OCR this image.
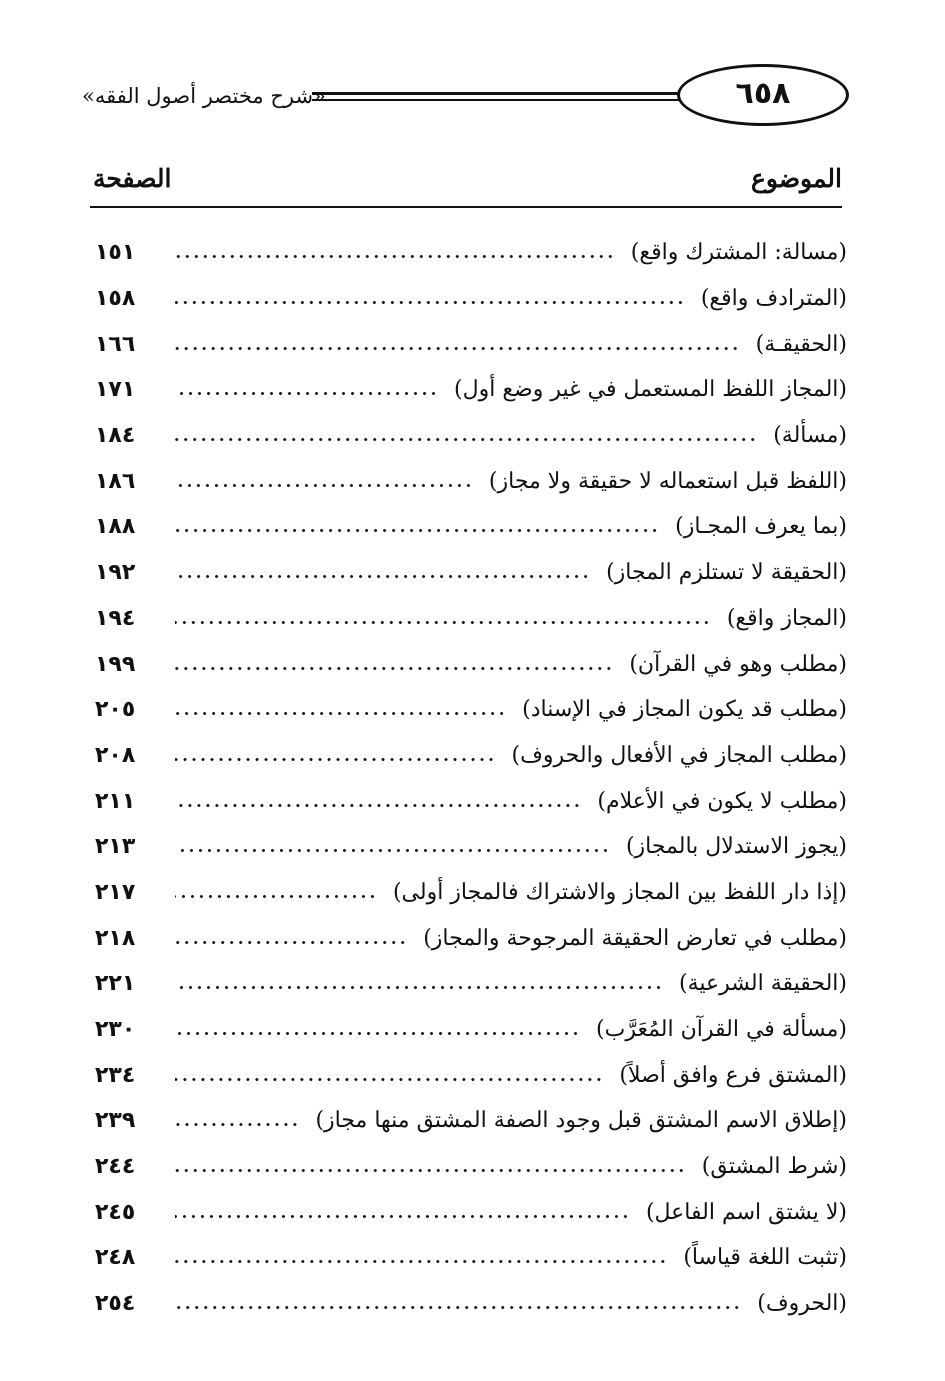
«شرح مختصر أصول الفقه»	٦٥٨
الموضوع
الصفحة
(مسالة: المشترك واقع)
١٥١
(المترادف واقع)
١٥٨
(الحقيقـة)
١٦٦
(المجاز اللفظ المستعمل في غير وضع أول)
١٧١
(مسألة)
١٨٤
(اللفظ قبل استعماله لا حقيقة ولا مجاز)
١٨٦
(بما يعرف المجـاز)
١٨٨
(الحقيقة لا تستلزم المجاز)
١٩٢
(المجاز واقع)
١٩٤
(مطلب وهو في القرآن)
١٩٩
(مطلب قد يكون المجاز في الإسناد)
٢٠٥
(مطلب المجاز في الأفعال والحروف)
٢٠٨
(مطلب لا يكون في الأعلام)
٢١١
(يجوز الاستدلال بالمجاز)
٢١٣
(إذا دار اللفظ بين المجاز والاشتراك فالمجاز أولى)
٢١٧
(مطلب في تعارض الحقيقة المرجوحة والمجاز)
٢١٨
(الحقيقة الشرعية)
٢٢١
(مسألة في القرآن المُعَرَّب)
٢٣٠
(المشتق فرع وافق أصلاً)
٢٣٤
(إطلاق الاسم المشتق قبل وجود الصفة المشتق منها مجاز)
٢٣٩
(شرط المشتق)
٢٤٤
(لا يشتق اسم الفاعل)
٢٤٥
(تثبت اللغة قياساً)
٢٤٨
(الحروف)
٢٥٤
